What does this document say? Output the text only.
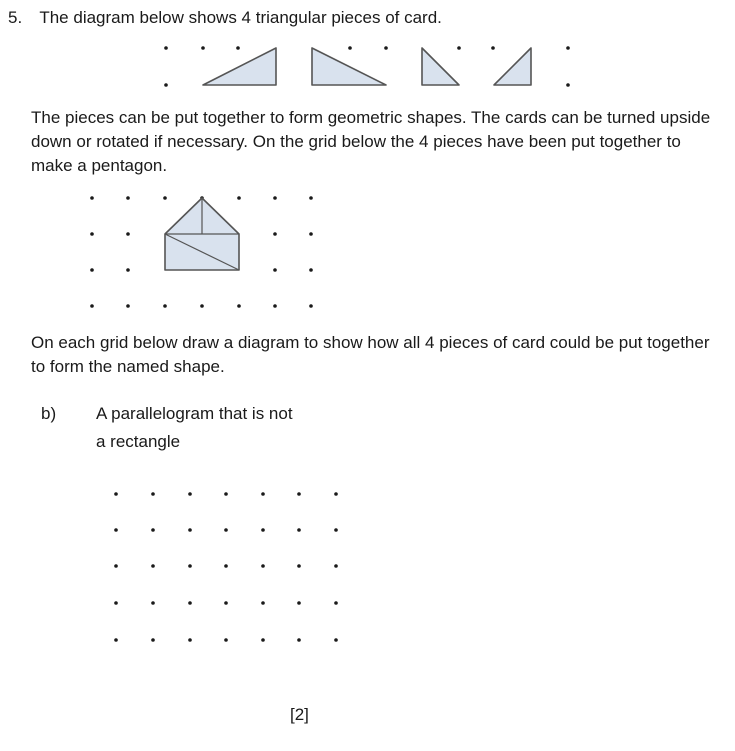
5. The diagram below shows 4 triangular pieces of card.

The pieces can be put together to form geometric shapes. The cards can be turned upside down or rotated if necessary. On the grid below the 4 pieces have been put together to make a pentagon.

On each grid below draw a diagram to show how all 4 pieces of card could be put together to form the named shape.

b) A parallelogram that is not
a rectangle
[2]
